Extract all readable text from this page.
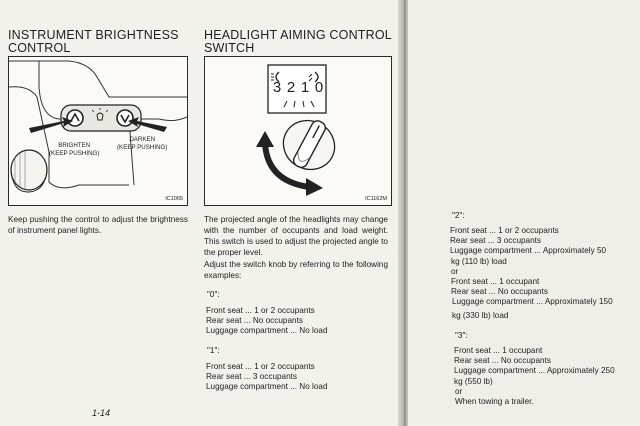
INSTRUMENT BRIGHTNESS
CONTROL
BRIGHTEN
(KEEP PUSHING)
DARKEN
(KEEP PUSHING)
IC1065

Keep pushing the control to adjust the brightness of instrument panel lights.

1-14
HEADLIGHT AIMING CONTROL
SWITCH
3 2 1 0
IC1162M

The projected angle of the headlights may change with the number of occupants and load weight. This switch is used to adjust the projected angle to the proper level.

Adjust the switch knob by referring to the following examples:

"0":
Front seat ... 1 or 2 occupants
Rear seat ... No occupants
Luggage compartment ... No load
"1":
Front seat ... 1 or 2 occupants
Rear seat ... 3 occupants
Luggage compartment ... No load
"2":
Front seat ... 1 or 2 occupants
Rear seat ... 3 occupants
Luggage compartment ... Approximately 50
kg (110 lb) load
or
Front seat ... 1 occupant
Rear seat ... No occupants
Luggage compartment ... Approximately 150
kg (330 lb) load
"3":
Front seat ... 1 occupant
Rear seat ... No occupants
Luggage compartment ... Approximately 250
kg (550 lb)
or
When towing a trailer.
